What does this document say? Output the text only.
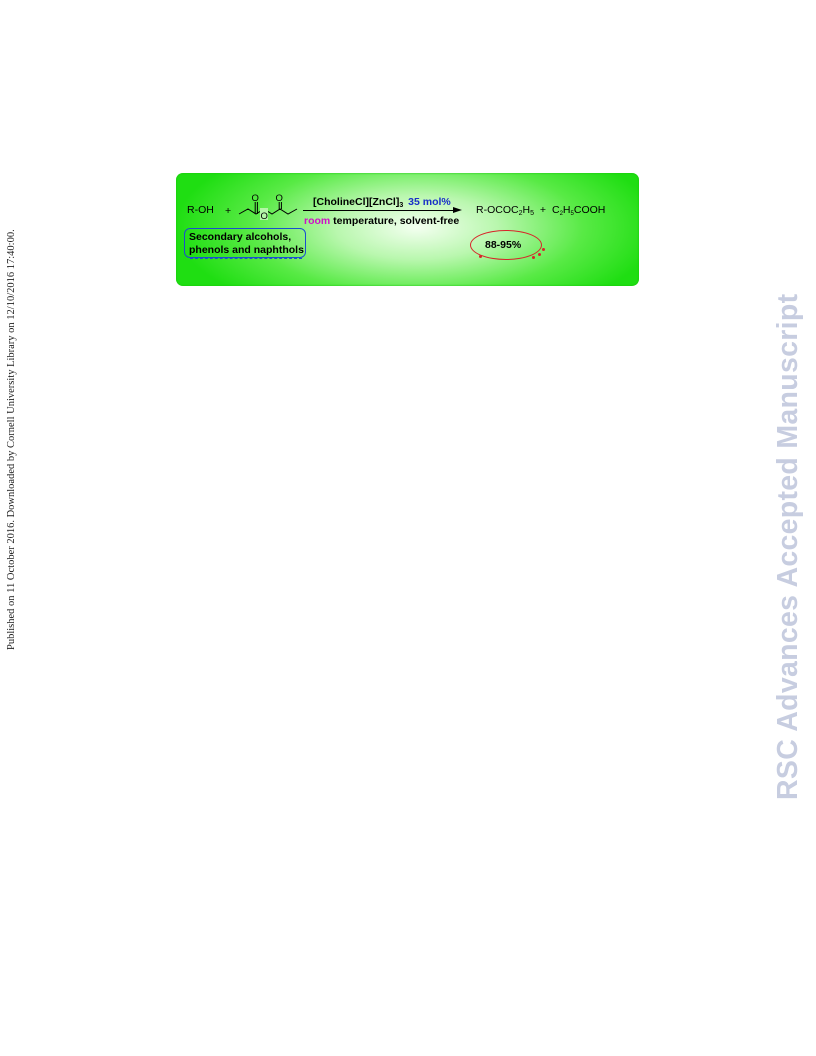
Published on 11 October 2016. Downloaded by Cornell University Library on 12/10/2016 17:40:00.	RSC Advances Accepted Manuscript
R-OH +
O O
O
$[CholineCl][ZnCl]_3$ 35 mol%
room temperature, solvent-free
$R-OCOC_2H_5$ + $C_2H_5COOH$
Secondary alcohols,
phenols and naphthols	88-95%
